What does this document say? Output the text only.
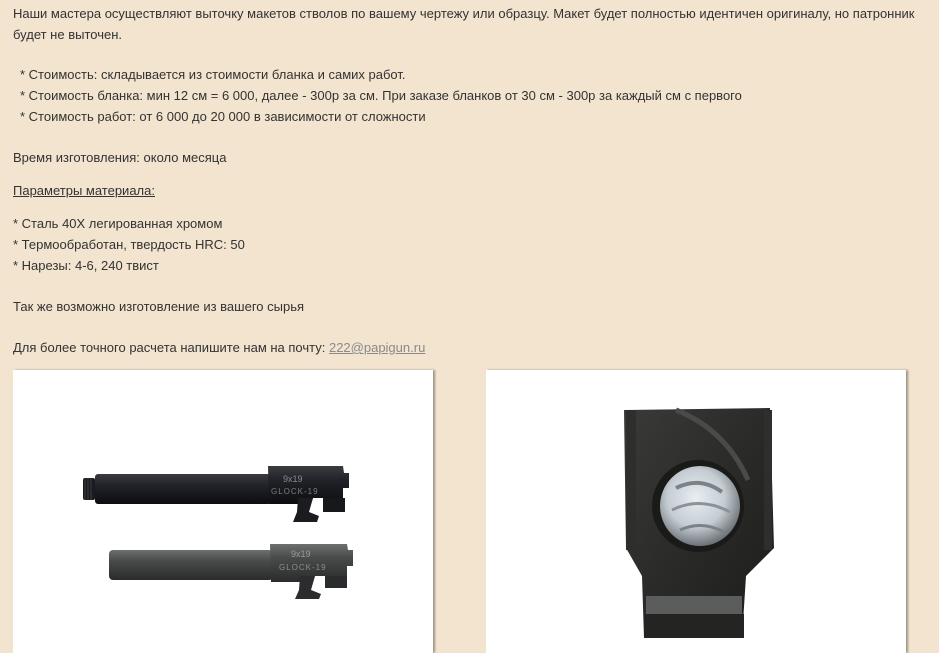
Наши мастера осуществляют выточку макетов стволов по вашему чертежу или образцу. Макет будет полностью идентичен оригиналу, но патронник
будет не выточен.

* Стоимость: складывается из стоимости бланка и самих работ.
* Стоимость бланка: мин 12 см = 6 000, далее - 300р за см. При заказе бланков от 30 см - 300р за каждый см с первого
* Стоимость работ: от 6 000 до 20 000 в зависимости от сложности

Время изготовления: около месяца

Параметры материала:

* Сталь 40Х легированная хромом
* Термообработан, твердость HRC: 50
* Нарезы: 4-6, 240 твист

Так же возможно изготовление из вашего сырья

Для более точного расчета напишите нам на почту: 222@papigun.ru

9x19
GLOCK-19
9x19
GLOCK-19
